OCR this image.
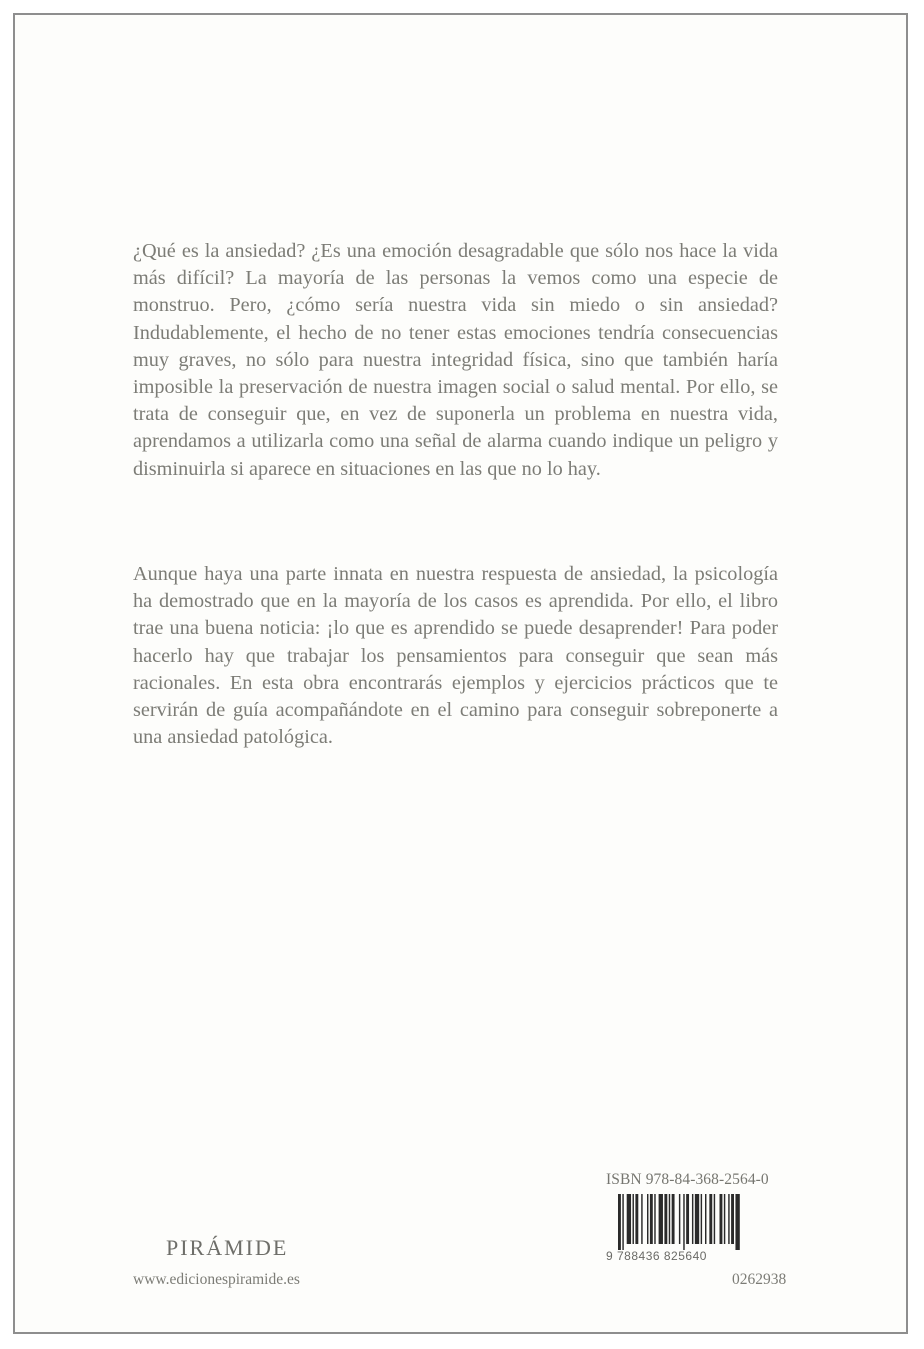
¿Qué es la ansiedad? ¿Es una emoción desagradable que sólo nos hace la vida más difícil? La mayoría de las personas la vemos como una especie de monstruo. Pero, ¿cómo sería nuestra vida sin miedo o sin ansiedad? Indudablemente, el hecho de no tener estas emociones tendría consecuencias muy graves, no sólo para nuestra integridad física, sino que también haría imposible la preservación de nuestra imagen social o salud mental. Por ello, se trata de conseguir que, en vez de suponerla un problema en nuestra vida, aprendamos a utilizarla como una señal de alarma cuando indique un peligro y disminuirla si aparece en situaciones en las que no lo hay.

Aunque haya una parte innata en nuestra respuesta de ansiedad, la psicología ha demostrado que en la mayoría de los casos es aprendida. Por ello, el libro trae una buena noticia: ¡lo que es aprendido se puede desaprender! Para poder hacerlo hay que trabajar los pensamientos para conseguir que sean más racionales. En esta obra encontrarás ejemplos y ejercicios prácticos que te servirán de guía acompañándote en el camino para conseguir sobreponerte a una ansiedad patológica.

ISBN 978-84-368-2564-0
9 788436 825640
PIRÁMIDE
www.edicionespiramide.es	0262938
